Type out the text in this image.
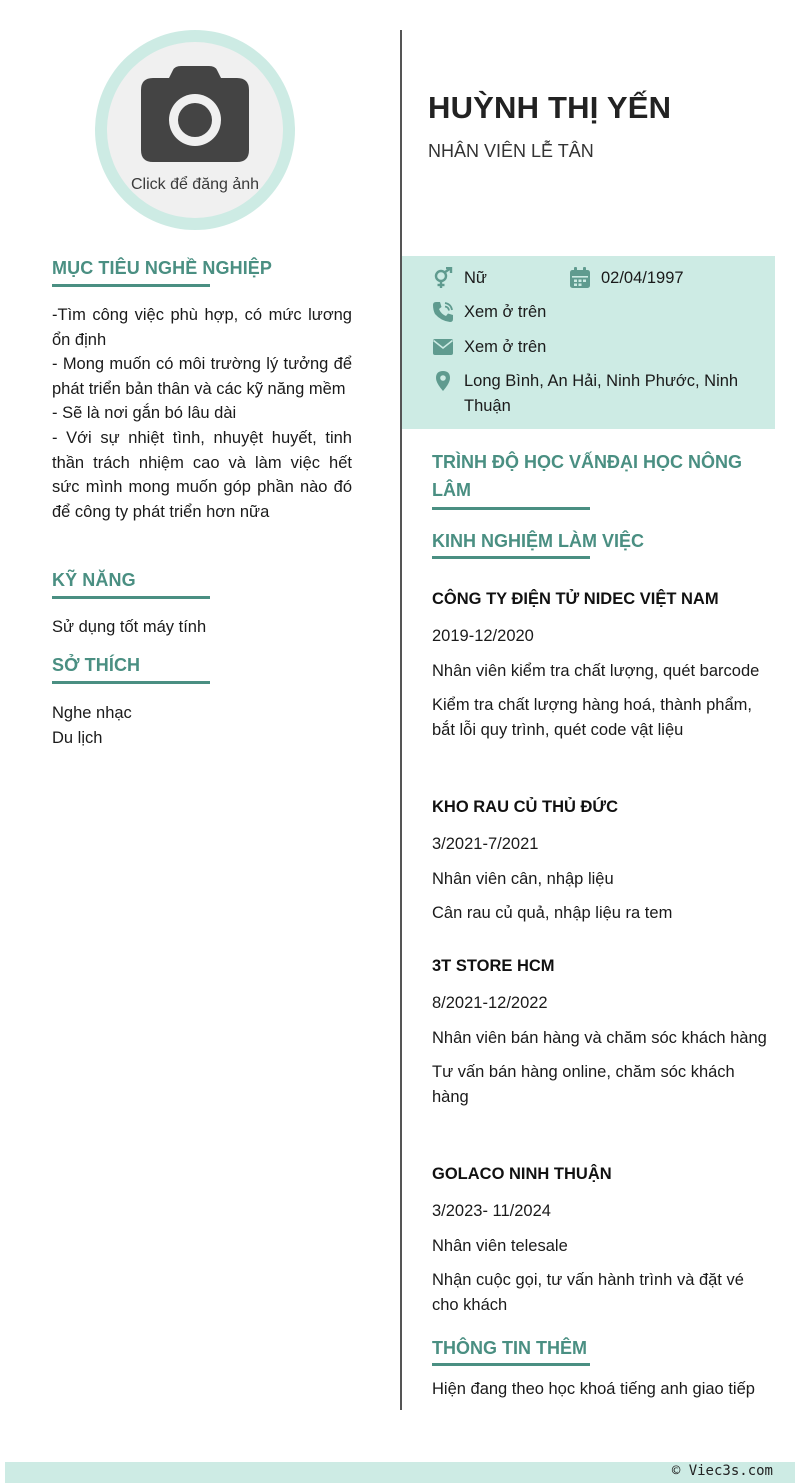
Click để đăng ảnh
MỤC TIÊU NGHỀ NGHIỆP
-Tìm công việc phù hợp, có mức lương ổn định
- Mong muốn có môi trường lý tưởng để phát triển bản thân và các kỹ năng mềm
- Sẽ là nơi gắn bó lâu dài
- Với sự nhiệt tình, nhuyệt huyết, tinh thần trách nhiệm cao và làm việc hết sức mình mong muốn góp phần nào đó để công ty phát triển hơn nữa
KỸ NĂNG
Sử dụng tốt máy tính
SỞ THÍCH
Nghe nhạc
Du lịch
HUỲNH THỊ YẾN
NHÂN VIÊN LỄ TÂN
Nữ	02/04/1997
Xem ở trên
Xem ở trên
Long Bình, An Hải, Ninh Phước, Ninh Thuận
TRÌNH ĐỘ HỌC VẤNĐẠI HỌC NÔNG LÂM
KINH NGHIỆM LÀM VIỆC
CÔNG TY ĐIỆN TỬ NIDEC VIỆT NAM
2019-12/2020
Nhân viên kiểm tra chất lượng, quét barcode
Kiểm tra chất lượng hàng hoá, thành phẩm, bắt lỗi quy trình, quét code vật liệu
KHO RAU CỦ THỦ ĐỨC
3/2021-7/2021
Nhân viên cân, nhập liệu
Cân rau củ quả, nhập liệu ra tem
3T STORE HCM
8/2021-12/2022
Nhân viên bán hàng và chăm sóc khách hàng
Tư vấn bán hàng online, chăm sóc khách hàng
GOLACO NINH THUẬN
3/2023- 11/2024
Nhân viên telesale
Nhận cuộc gọi, tư vấn hành trình và đặt vé cho khách
THÔNG TIN THÊM
Hiện đang theo học khoá tiếng anh giao tiếp
© Viec3s.com
